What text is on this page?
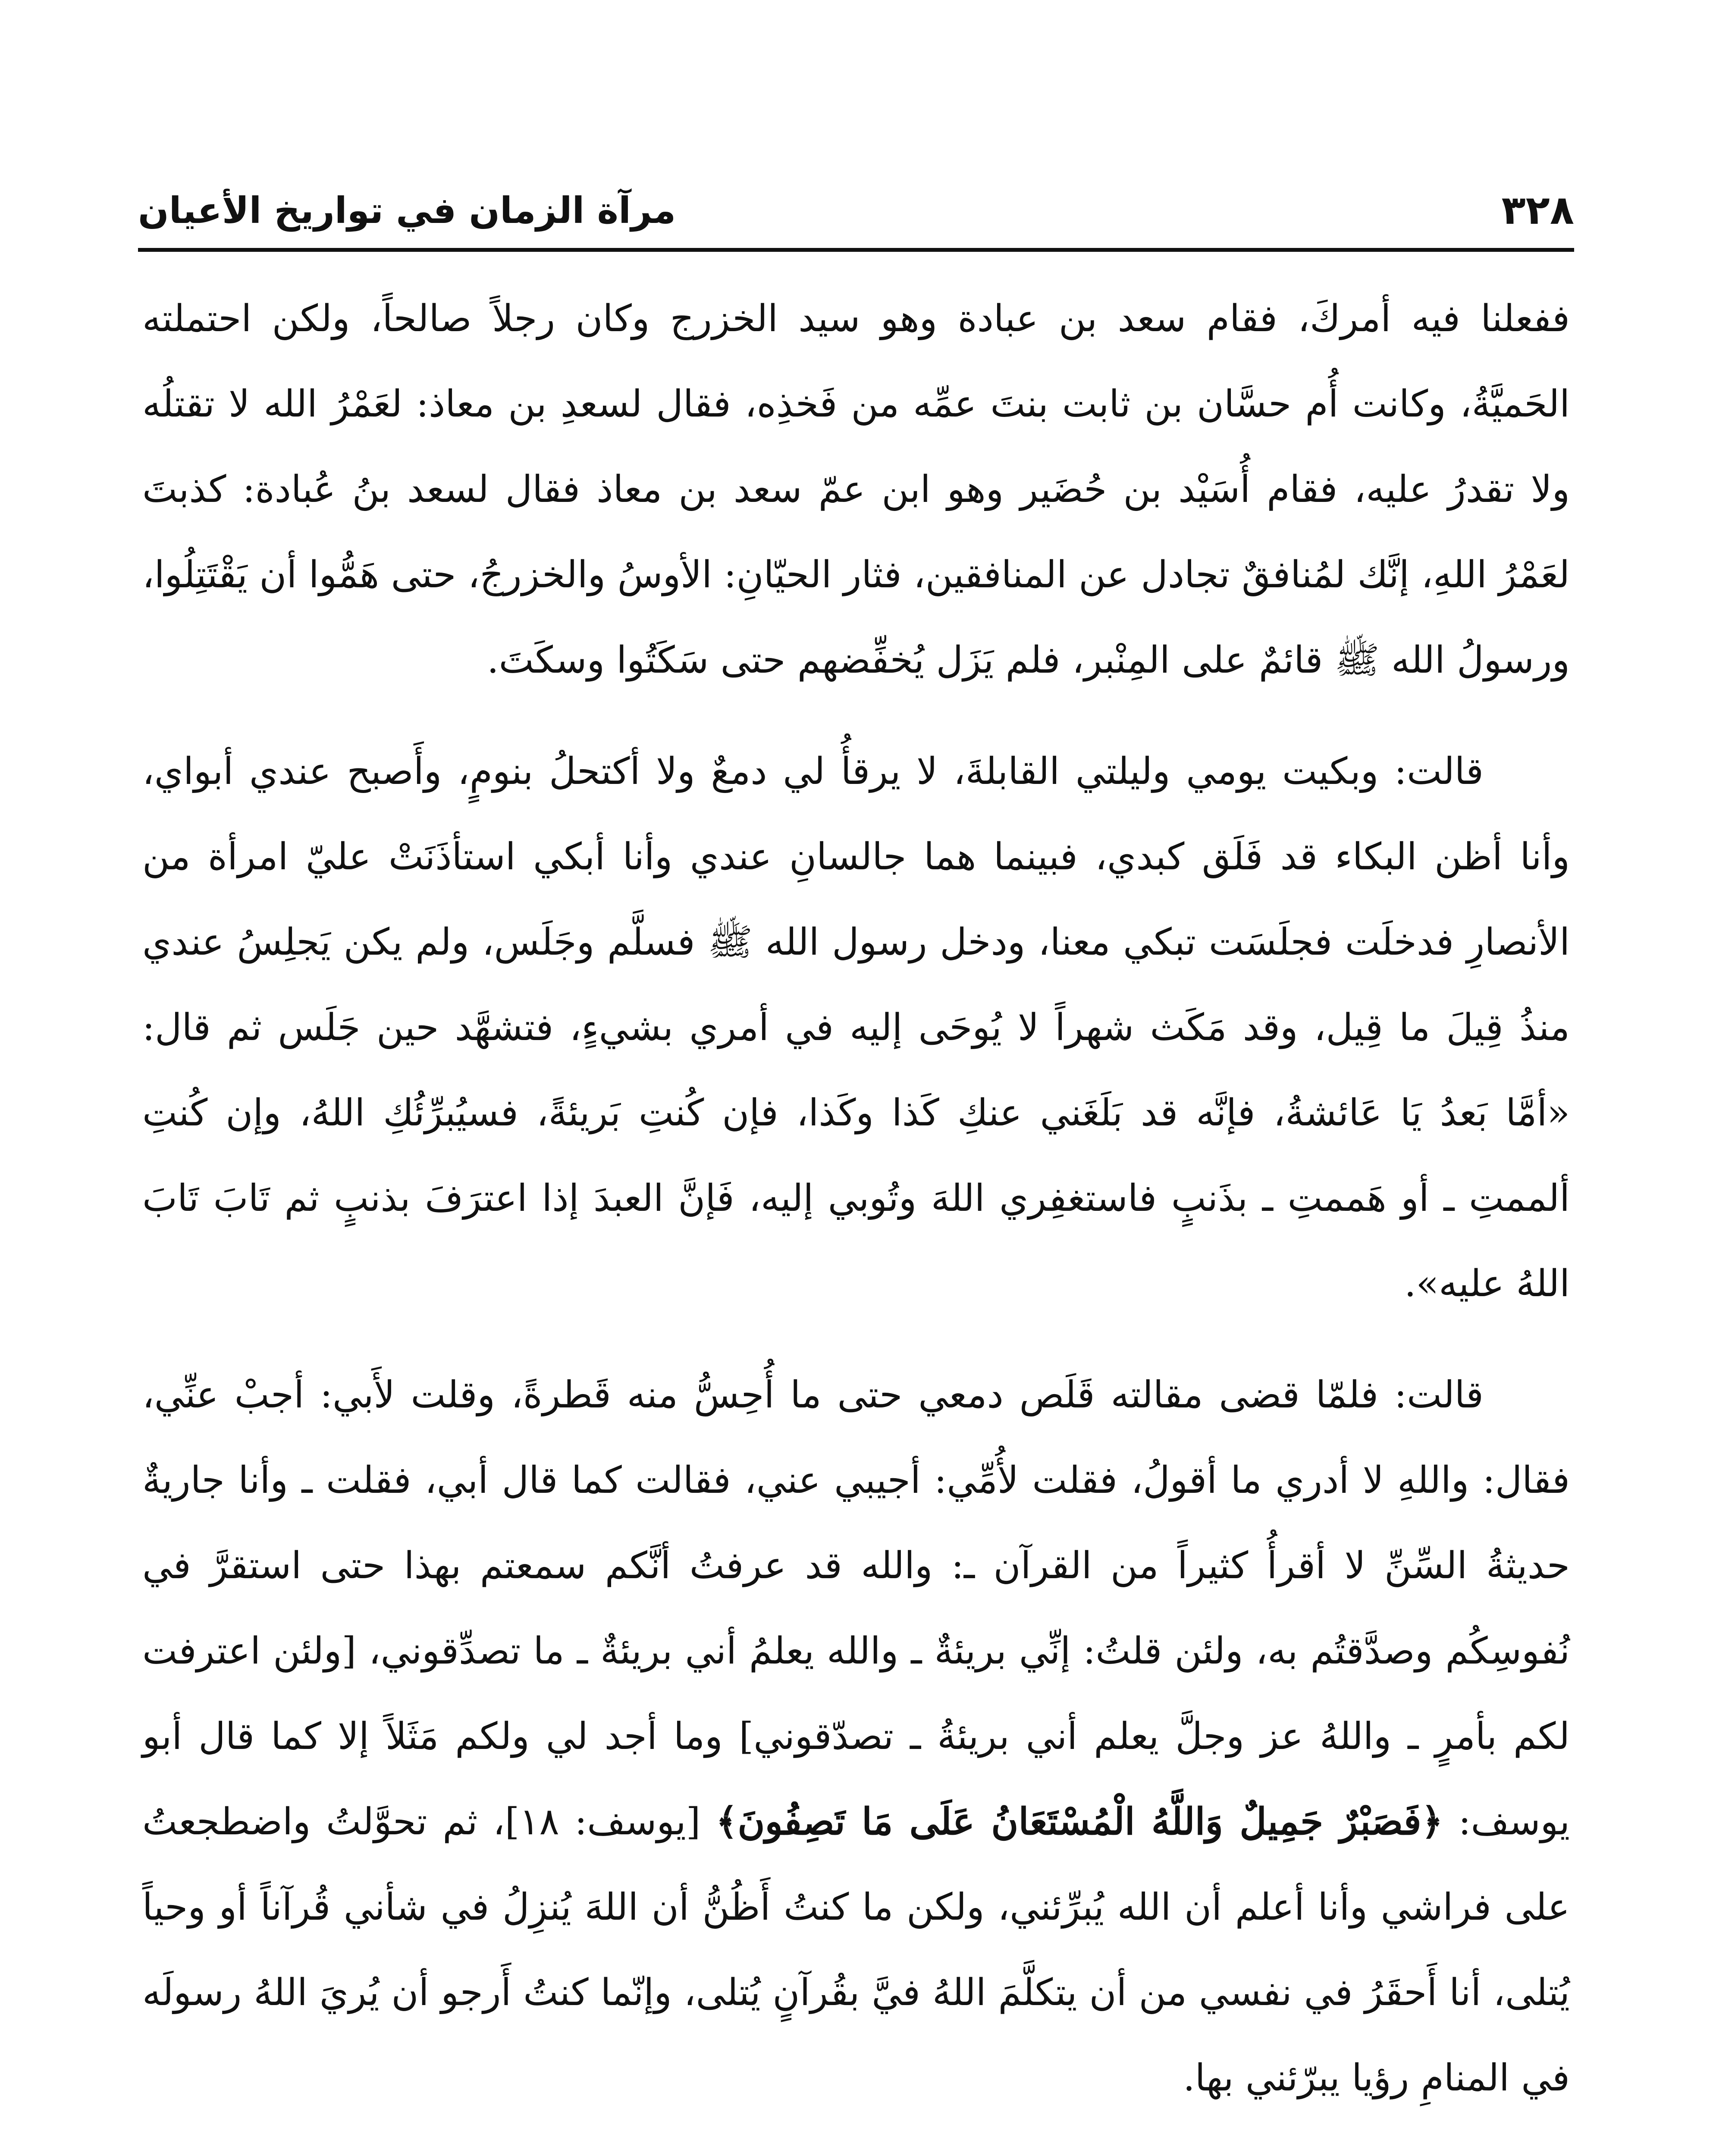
٣٢٨
مرآة الزمان في تواريخ الأعيان

ففعلنا فيه أمركَ، فقام سعد بن عبادة وهو سيد الخزرج وكان رجلاً صالحاً، ولكن احتملته الحَميَّةُ، وكانت أُم حسَّان بن ثابت بنتَ عمِّه من فَخذِه، فقال لسعدِ بن معاذ: لعَمْرُ الله لا تقتلُه ولا تقدرُ عليه، فقام أُسَيْد بن حُضَير وهو ابن عمّ سعد بن معاذ فقال لسعد بنُ عُبادة: كذبتَ لعَمْرُ اللهِ، إنَّك لمُنافقٌ تجادل عن المنافقين، فثار الحيّانِ: الأوسُ والخزرجُ، حتى هَمُّوا أن يَقْتَتِلُوا، ورسولُ الله ﷺ قائمٌ على المِنْبر، فلم يَزَل يُخفِّضهم حتى سَكَتُوا وسكَتَ.

قالت: وبكيت يومي وليلتي القابلةَ، لا يرقأُ لي دمعٌ ولا أكتحلُ بنومٍ، وأَصبح عندي أبواي، وأنا أظن البكاء قد فَلَق كبدي، فبينما هما جالسانِ عندي وأنا أبكي استأذَنَتْ عليّ امرأة من الأنصارِ فدخلَت فجلَسَت تبكي معنا، ودخل رسول الله ﷺ فسلَّم وجَلَس، ولم يكن يَجلِسُ عندي منذُ قِيلَ ما قِيل، وقد مَكَث شهراً لا يُوحَى إليه في أمري بشيءٍ، فتشهَّد حين جَلَس ثم قال: «أمَّا بَعدُ يَا عَائشةُ، فإنَّه قد بَلَغَني عنكِ كَذا وكَذا، فإن كُنتِ بَريئةً، فسيُبرِّئُكِ اللهُ، وإن كُنتِ ألممتِ ـ أو هَممتِ ـ بذَنبٍ فاستغفِري اللهَ وتُوبي إليه، فَإنَّ العبدَ إذا اعترَفَ بذنبٍ ثم تَابَ تَابَ اللهُ عليه».

قالت: فلمّا قضى مقالته قَلَص دمعي حتى ما أُحِسُّ منه قَطرةً، وقلت لأَبي: أجبْ عنِّي، فقال: واللهِ لا أدري ما أقولُ، فقلت لأُمِّي: أجيبي عني، فقالت كما قال أبي، فقلت ـ وأنا جاريةٌ حديثةُ السِّنِّ لا أقرأُ كثيراً من القرآن ـ: والله قد عرفتُ أنَّكم سمعتم بهذا حتى استقرَّ في نُفوسِكُم وصدَّقتُم به، ولئن قلتُ: إنِّي بريئةٌ ـ والله يعلمُ أني بريئةٌ ـ ما تصدِّقوني، [ولئن اعترفت لكم بأمرٍ ـ واللهُ عز وجلَّ يعلم أني بريئةُ ـ تصدّقوني] وما أجد لي ولكم مَثَلاً إلا كما قال أبو يوسف: ﴿فَصَبْرٌ جَمِيلٌ وَاللَّهُ الْمُسْتَعَانُ عَلَى مَا تَصِفُونَ﴾ [يوسف: ١٨]، ثم تحوَّلتُ واضطجعتُ على فراشي وأنا أعلم أن الله يُبرِّئني، ولكن ما كنتُ أَظُنُّ أن اللهَ يُنزِلُ في شأني قُرآناً أو وحياً يُتلى، أنا أَحقَرُ في نفسي من أن يتكلَّمَ اللهُ فيَّ بقُرآنٍ يُتلى، وإنّما كنتُ أَرجو أن يُريَ اللهُ رسولَه في المنامِ رؤيا يبرّئني بها.
